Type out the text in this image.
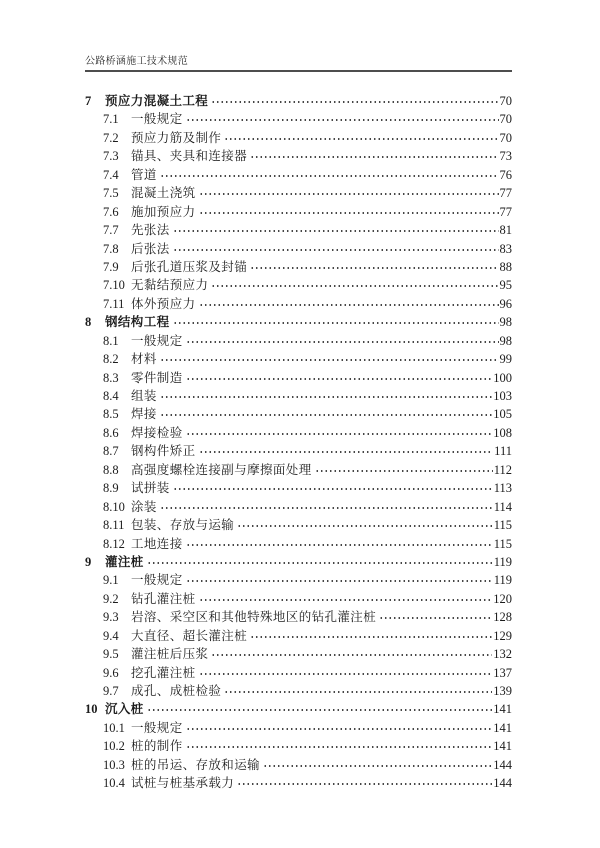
公路桥涵施工技术规范
7	预应力混凝土工程	70
7.1 一般规定	70
7.2 预应力筋及制作	70
7.3 锚具、夹具和连接器	73
7.4 管道	76
7.5 混凝土浇筑	77
7.6 施加预应力	77
7.7 先张法	81
7.8 后张法	83
7.9 后张孔道压浆及封锚	88
7.10 无黏结预应力	95
7.11 体外预应力	96
8	钢结构工程	98
8.1 一般规定	98
8.2 材料	99
8.3 零件制造	100
8.4 组装	103
8.5 焊接	105
8.6 焊接检验	108
8.7 钢构件矫正	111
8.8 高强度螺栓连接副与摩擦面处理	112
8.9 试拼装	113
8.10 涂装	114
8.11 包装、存放与运输	115
8.12 工地连接	115
9	灌注桩	119
9.1 一般规定	119
9.2 钻孔灌注桩	120
9.3 岩溶、采空区和其他特殊地区的钻孔灌注桩	128
9.4 大直径、超长灌注桩	129
9.5 灌注桩后压浆	132
9.6 挖孔灌注桩	137
9.7 成孔、成桩检验	139
10 沉入桩	141
10.1 一般规定	141
10.2 桩的制作	141
10.3 桩的吊运、存放和运输	144
10.4 试桩与桩基承载力	144
